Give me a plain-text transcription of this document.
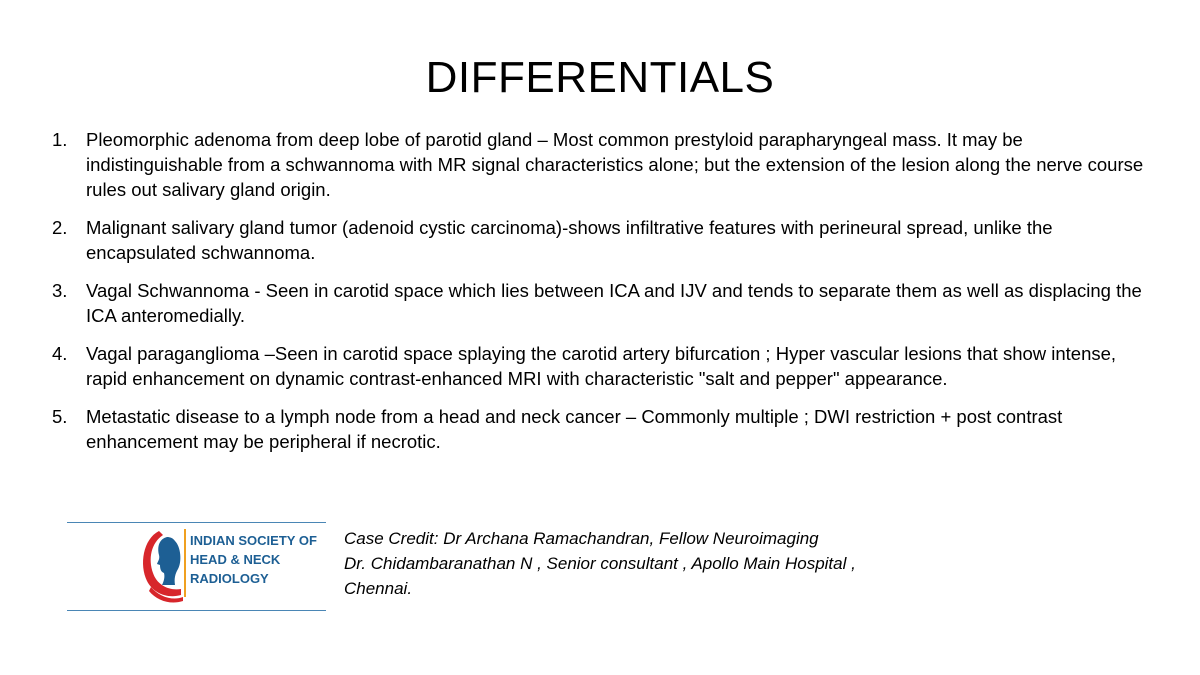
DIFFERENTIALS
1.	Pleomorphic adenoma from deep lobe of parotid gland – Most common prestyloid parapharyngeal mass. It may be indistinguishable from a schwannoma with MR signal characteristics alone; but the extension of the lesion along the nerve course rules out salivary gland origin.
2.	Malignant salivary gland tumor (adenoid cystic carcinoma)-shows infiltrative features with perineural spread, unlike the encapsulated schwannoma.
3.	Vagal Schwannoma - Seen in carotid space which lies between ICA and IJV and tends to separate them as well as displacing the ICA anteromedially.
4.	Vagal paraganglioma –Seen in carotid space splaying the carotid artery bifurcation ; Hyper vascular lesions that show intense, rapid enhancement on dynamic contrast-enhanced MRI with characteristic "salt and pepper" appearance.
5.	Metastatic disease to a lymph node from a head and neck cancer – Commonly multiple ; DWI restriction + post contrast enhancement may be peripheral if necrotic.
INDIAN SOCIETY OF
HEAD & NECK
RADIOLOGY
Case Credit: Dr Archana Ramachandran, Fellow Neuroimaging
Dr. Chidambaranathan N , Senior consultant , Apollo Main Hospital ,
Chennai.
